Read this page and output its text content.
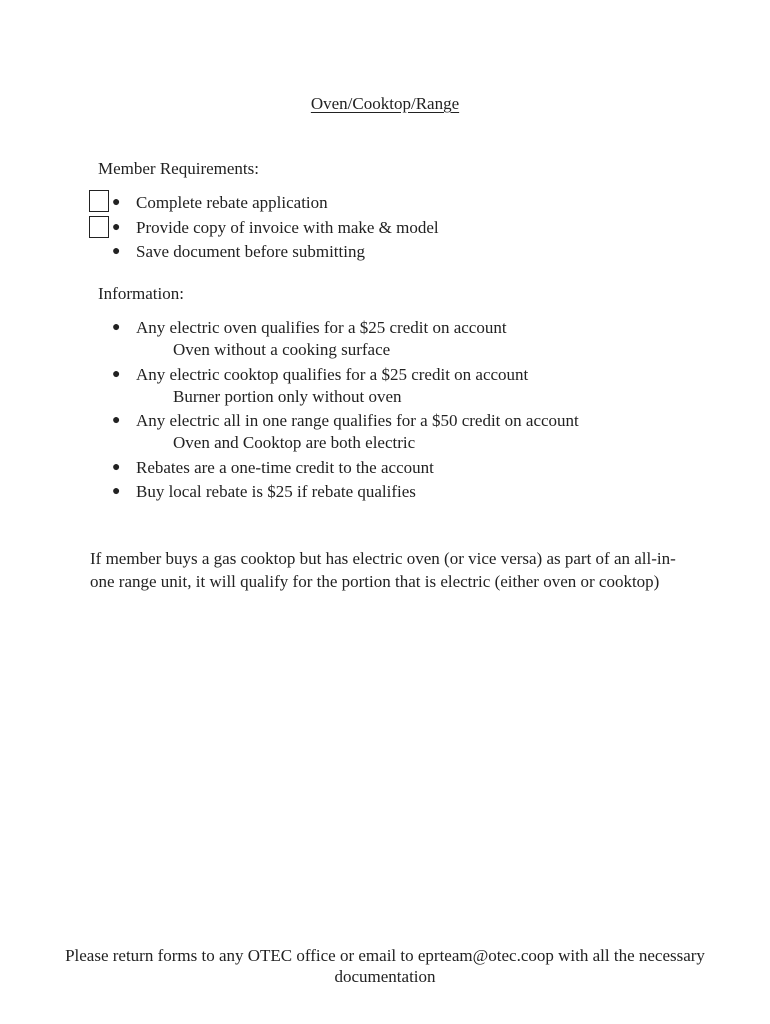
Oven/Cooktop/Range
Member Requirements:
● Complete rebate application
● Provide copy of invoice with make & model
● Save document before submitting
Information:
● Any electric oven qualifies for a $25 credit on account
Oven without a cooking surface
● Any electric cooktop qualifies for a $25 credit on account
Burner portion only without oven
● Any electric all in one range qualifies for a $50 credit on account
Oven and Cooktop are both electric
● Rebates are a one-time credit to the account
● Buy local rebate is $25 if rebate qualifies
If member buys a gas cooktop but has electric oven (or vice versa) as part of an all-in-one range unit, it will qualify for the portion that is electric (either oven or cooktop)
Please return forms to any OTEC office or email to eprteam@otec.coop with all the necessary documentation
